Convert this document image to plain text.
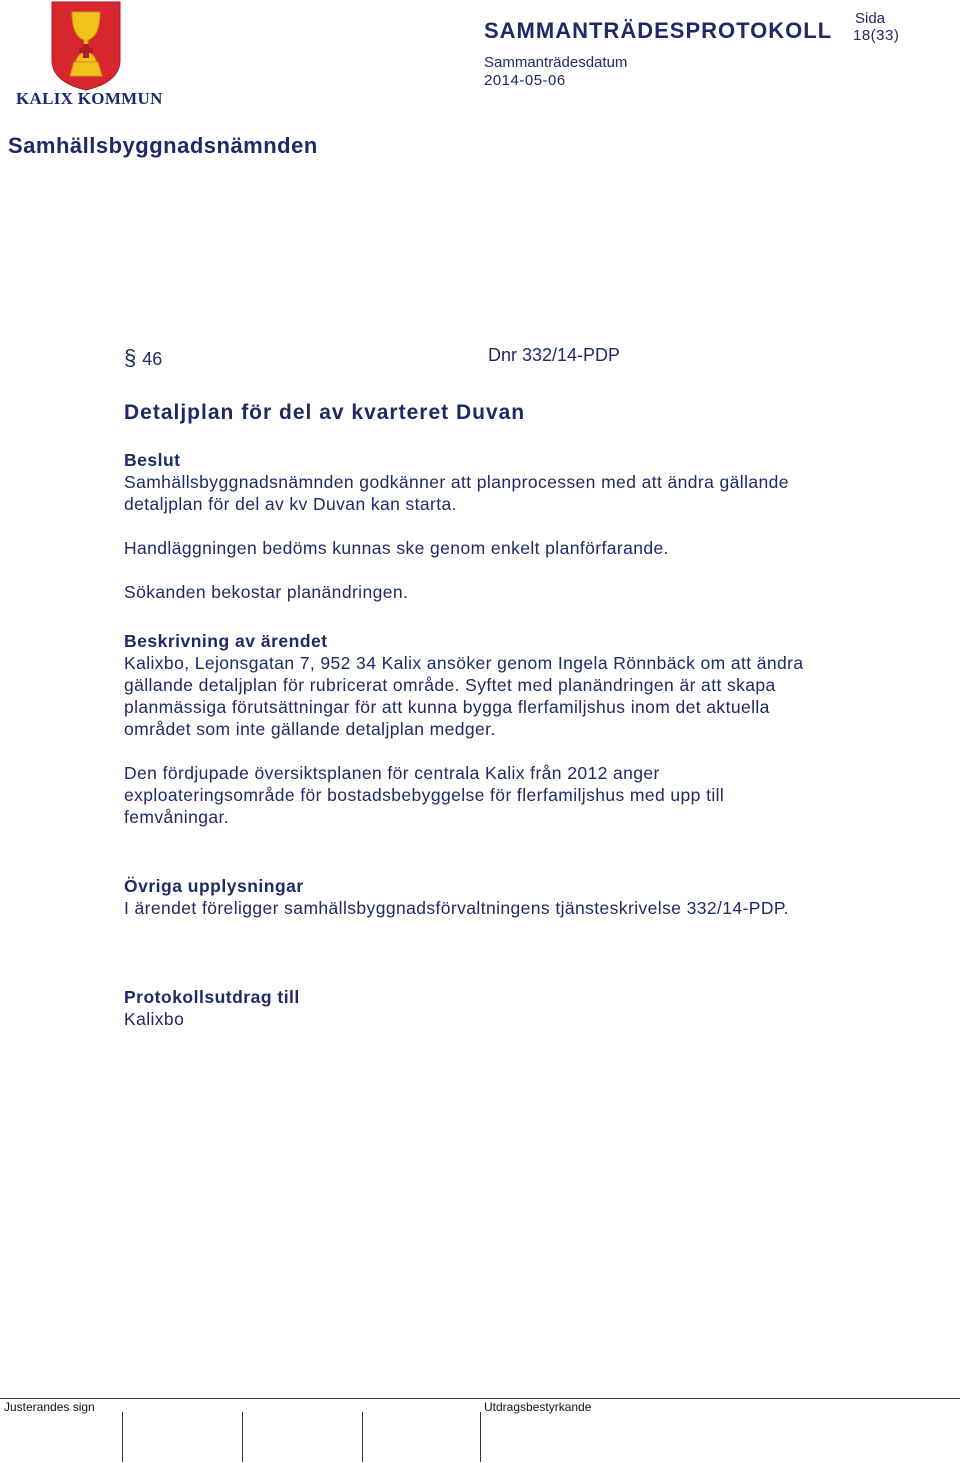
KALIX KOMMUN
SAMMANTRÄDESPROTOKOLL Sida
18(33)
Sammanträdesdatum
2014-05-06
Samhällsbyggnadsnämnden
§ 46	Dnr 332/14-PDP
Detaljplan för del av kvarteret Duvan
Beslut

Samhällsbyggnadsnämnden godkänner att planprocessen med att ändra gällande detaljplan för del av kv Duvan kan starta.

Handläggningen bedöms kunnas ske genom enkelt planförfarande.

Sökanden bekostar planändringen.

Beskrivning av ärendet

Kalixbo, Lejonsgatan 7, 952 34 Kalix ansöker genom Ingela Rönnbäck om att ändra gällande detaljplan för rubricerat område. Syftet med planändringen är att skapa planmässiga förutsättningar för att kunna bygga flerfamiljshus inom det aktuella området som inte gällande detaljplan medger.

Den fördjupade översiktsplanen för centrala Kalix från 2012 anger exploateringsområde för bostadsbebyggelse för flerfamiljshus med upp till femvåningar.

Övriga upplysningar

I ärendet föreligger samhällsbyggnadsförvaltningens tjänsteskrivelse 332/14-PDP.

Protokollsutdrag till

Kalixbo

Justerandes sign	Utdragsbestyrkande
